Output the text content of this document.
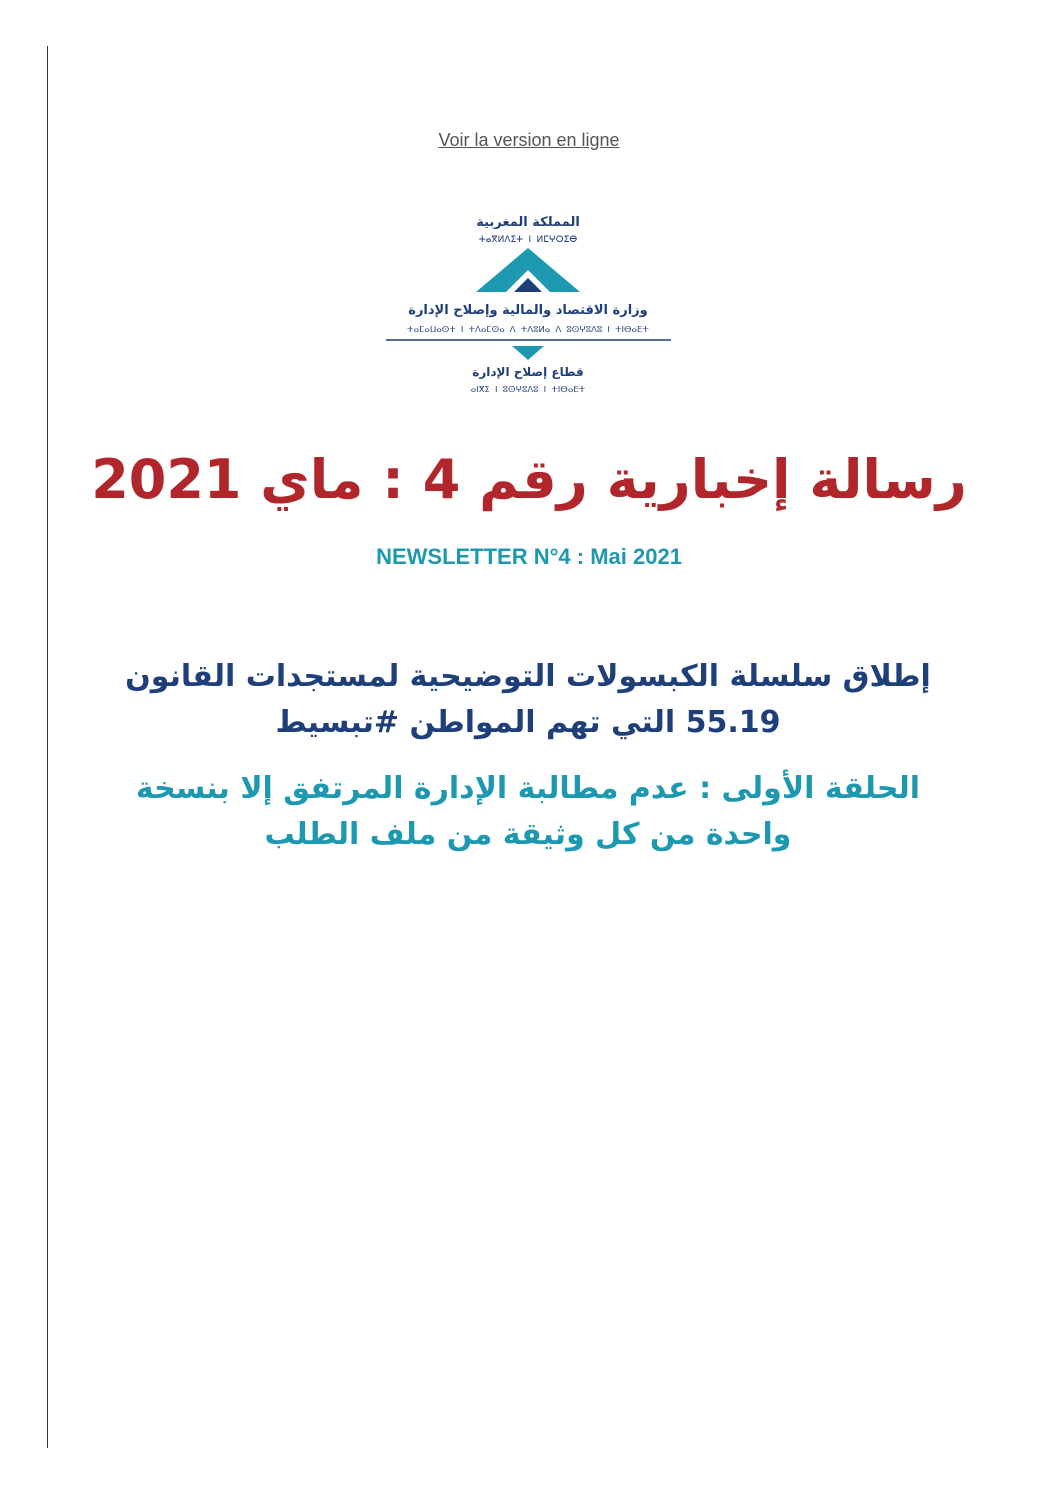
Voir la version en ligne
المملكة المغربية
ⵜⴰⴳⵍⴷⵉⵜ ⵏ ⵍⵎⵖⵔⵉⴱ
وزارة الاقتصاد والمالية وإصلاح الإدارة
ⵜⴰⵎⴰⵡⴰⵙⵜ ⵏ ⵜⴷⴰⵎⵙⴰ ⴷ ⵜⴷⵓⵍⴰ ⴷ ⵓⵙⵖⵓⴷⵓ ⵏ ⵜⵏⴱⴰⴹⵜ
قطاع إصلاح الإدارة
ⴰⵏⴳⵉ ⵏ ⵓⵙⵖⵓⴷⵓ ⵏ ⵜⵏⴱⴰⴹⵜ
رسالة إخبارية رقم 4 : ماي 2021
NEWSLETTER N°4 : Mai 2021
إطلاق سلسلة الكبسولات التوضيحية لمستجدات القانون 55.19 التي تهم المواطن #تبسيط
الحلقة الأولى : عدم مطالبة الإدارة المرتفق إلا بنسخة واحدة من كل وثيقة من ملف الطلب
